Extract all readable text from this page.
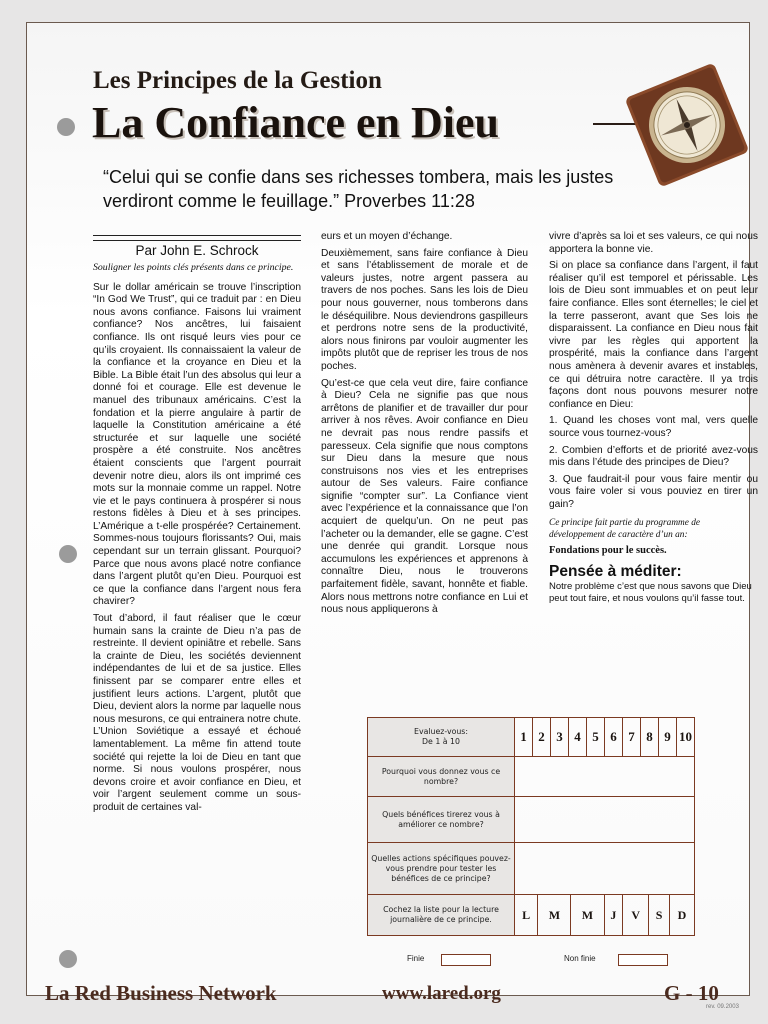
Les Principes de la Gestion
La Confiance en Dieu
“Celui qui se confie dans ses richesses tombera, mais les justes verdiront comme le feuillage.” Proverbes 11:28

Par John E. Schrock

Souligner les points clés présents dans ce principe.

Sur le dollar américain se trouve l’inscription “In God We Trust”, qui ce traduit par : en Dieu nous avons confiance. Faisons lui vraiment confiance? Nos ancêtres, lui faisaient confiance. Ils ont risqué leurs vies pour ce qu’ils croyaient. Ils connaissaient la valeur de la confiance et la croyance en Dieu et la Bible. La Bible était l’un des absolus qui leur a donné foi et courage. Elle est devenue le manuel des tribunaux américains. C’est la fondation et la pierre angulaire à partir de laquelle la Constitution américaine a été structurée et sur laquelle une société prospère a été construite. Nos ancêtres étaient conscients que l’argent pourrait devenir notre dieu, alors ils ont imprimé ces mots sur la monnaie comme un rappel. Notre vie et le pays continuera à prospérer si nous restons fidèles à Dieu et à ses principes. L’Amérique a t-elle prospérée? Certainement. Sommes-nous toujours florissants? Oui, mais cependant sur un terrain glissant. Pourquoi? Parce que nous avons placé notre confiance dans l’argent plutôt qu’en Dieu. Pourquoi est ce que la confiance dans l’argent nous fera chavirer?

Tout d’abord, il faut réaliser que le cœur humain sans la crainte de Dieu n’a pas de restreinte. Il devient opiniâtre et rebelle. Sans la crainte de Dieu, les sociétés deviennent indépendantes de lui et de sa justice. Elles finissent par se comparer entre elles et justifient leurs actions. L’argent, plutôt que Dieu, devient alors la norme par laquelle nous nous mesurons, ce qui entrainera notre chute. L’Union Soviétique a essayé et échoué lamentablement. La même fin attend toute société qui rejette la loi de Dieu en tant que norme. Si nous voulons prospérer, nous devons croire et avoir confiance en Dieu, et voir l’argent seulement comme un sous-produit de certaines val-

eurs et un moyen d’échange.

Deuxièmement, sans faire confiance à Dieu et sans l’établissement de morale et de valeurs justes, notre argent passera au travers de nos poches. Sans les lois de Dieu pour nous gouverner, nous tomberons dans le déséquilibre. Nous deviendrons gaspilleurs et perdrons notre sens de la productivité, alors nous finirons par vouloir augmenter les impôts plutôt que de repriser les trous de nos poches.

Qu’est-ce que cela veut dire, faire confiance à Dieu? Cela ne signifie pas que nous arrêtons de planifier et de travailler dur pour arriver à nos rêves. Avoir confiance en Dieu ne devrait pas nous rendre passifs et paresseux. Cela signifie que nous comptons sur Dieu dans la mesure que nous construisons nos vies et les entreprises autour de Ses valeurs. Faire confiance signifie “compter sur”. La Confiance vient avec l’expérience et la connaissance que l’on acquiert de quelqu’un. On ne peut pas l’acheter ou la demander, elle se gagne. C’est une denrée qui grandit. Lorsque nous accumulons les expériences et apprenons à connaître Dieu, nous le trouverons parfaitement fidèle, savant, honnête et fiable. Alors nous mettrons notre confiance en Lui et nous nous appliquerons à

vivre d’après sa loi et ses valeurs, ce qui nous apportera la bonne vie.

Si on place sa confiance dans l’argent, il faut réaliser qu’il est temporel et périssable. Les lois de Dieu sont immuables et on peut leur faire confiance. Elles sont éternelles; le ciel et la terre passeront, avant que Ses lois ne disparaissent. La confiance en Dieu nous fait vivre par les règles qui apportent la prospérité, mais la confiance dans l’argent nous amènera à devenir avares et instables, ce qui détruira notre caractère. Il ya trois façons dont nous pouvons mesurer notre confiance en Dieu:

1. Quand les choses vont mal, vers quelle source vous tournez-vous?

2. Combien d’efforts et de priorité avez-vous mis dans l’étude des principes de Dieu?

3. Que faudrait-il pour vous faire mentir ou vous faire voler si vous pouviez en tirer un gain?

Ce principe fait partie du programme de développement de caractère d’un an:

Fondations pour le succès.

Pensée à méditer:

Notre problème c’est que nous savons que Dieu peut tout faire, et nous voulons qu’il fasse tout.

Evaluez-vous:
De 1 à 10	1	2	3	4	5	6	7	8	9	10
Pourquoi vous donnez vous ce nombre?	
Quels bénéfices tirerez vous à améliorer ce nombre?	
Quelles actions spécifiques pouvez- vous prendre pour tester les bénéfices de ce principe?	
Cochez la liste pour la lecture journalière de ce principe.		L	M	M	J	V	S	D
Finie	Non finie
La Red Business Network	www.lared.org	G - 10
rev. 09.2003
